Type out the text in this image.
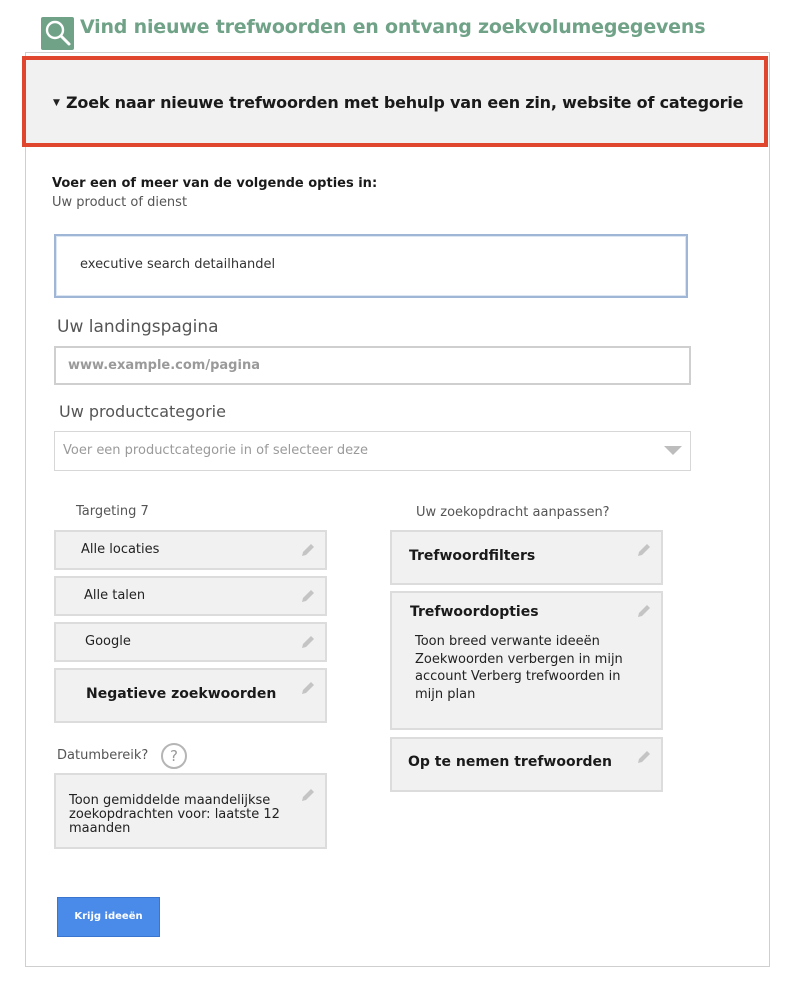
Vind nieuwe trefwoorden en ontvang zoekvolumegegevens
▼ Zoek naar nieuwe trefwoorden met behulp van een zin, website of categorie
Voer een of meer van de volgende opties in:
Uw product of dienst
executive search detailhandel
Uw landingspagina
www.example.com/pagina
Uw productcategorie
Voer een productcategorie in of selecteer deze
Targeting 7
Alle locaties
Alle talen
Google
Negatieve zoekwoorden
Datumbereik?	?
Toon gemiddelde maandelijkse zoekopdrachten voor: laatste 12 maanden
Uw zoekopdracht aanpassen?
Trefwoordfilters
Trefwoordopties
Toon breed verwante ideeën Zoekwoorden verbergen in mijn account Verberg trefwoorden in mijn plan
Op te nemen trefwoorden
Krijg ideeën
